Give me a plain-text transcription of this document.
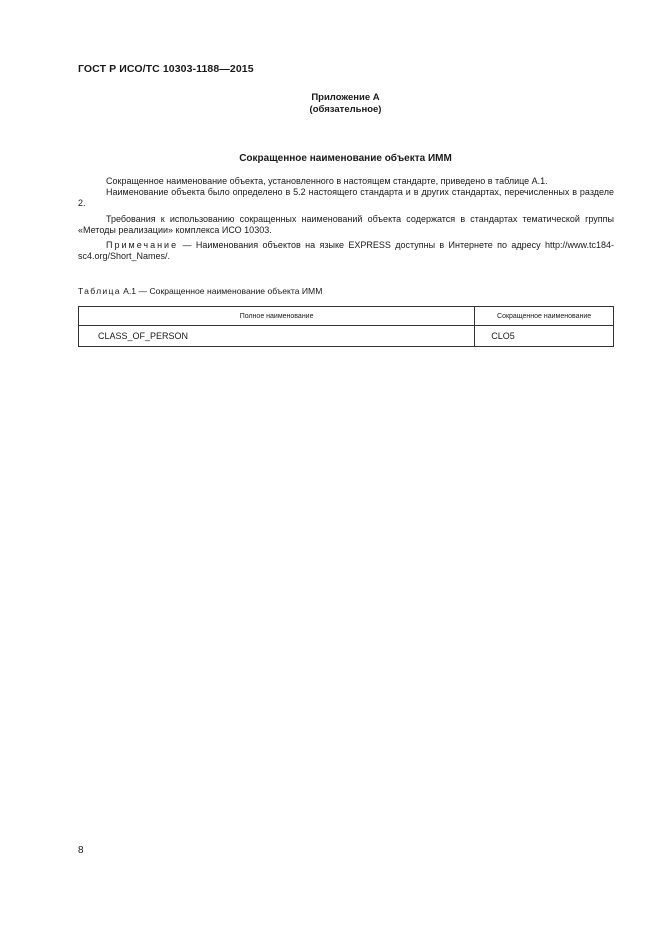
ГОСТ Р ИСО/ТС 10303-1188—2015
Приложение А
(обязательное)
Сокращенное наименование объекта ИММ

Сокращенное наименование объекта, установленного в настоящем стандарте, приведено в таблице А.1.

Наименование объекта было определено в 5.2 настоящего стандарта и в других стандартах, перечисленных в разделе 2.

Требования к использованию сокращенных наименований объекта содержатся в стандартах тематической группы «Методы реализации» комплекса ИСО 10303.

Примечание — Наименования объектов на языке EXPRESS доступны в Интернете по адресу http://www.tc184-sc4.org/Short_Names/.

Таблица А.1 — Сокращенное наименование объекта ИММ
Полное наименование	Сокращенное наименование
CLASS_OF_PERSON	CLO5
8
